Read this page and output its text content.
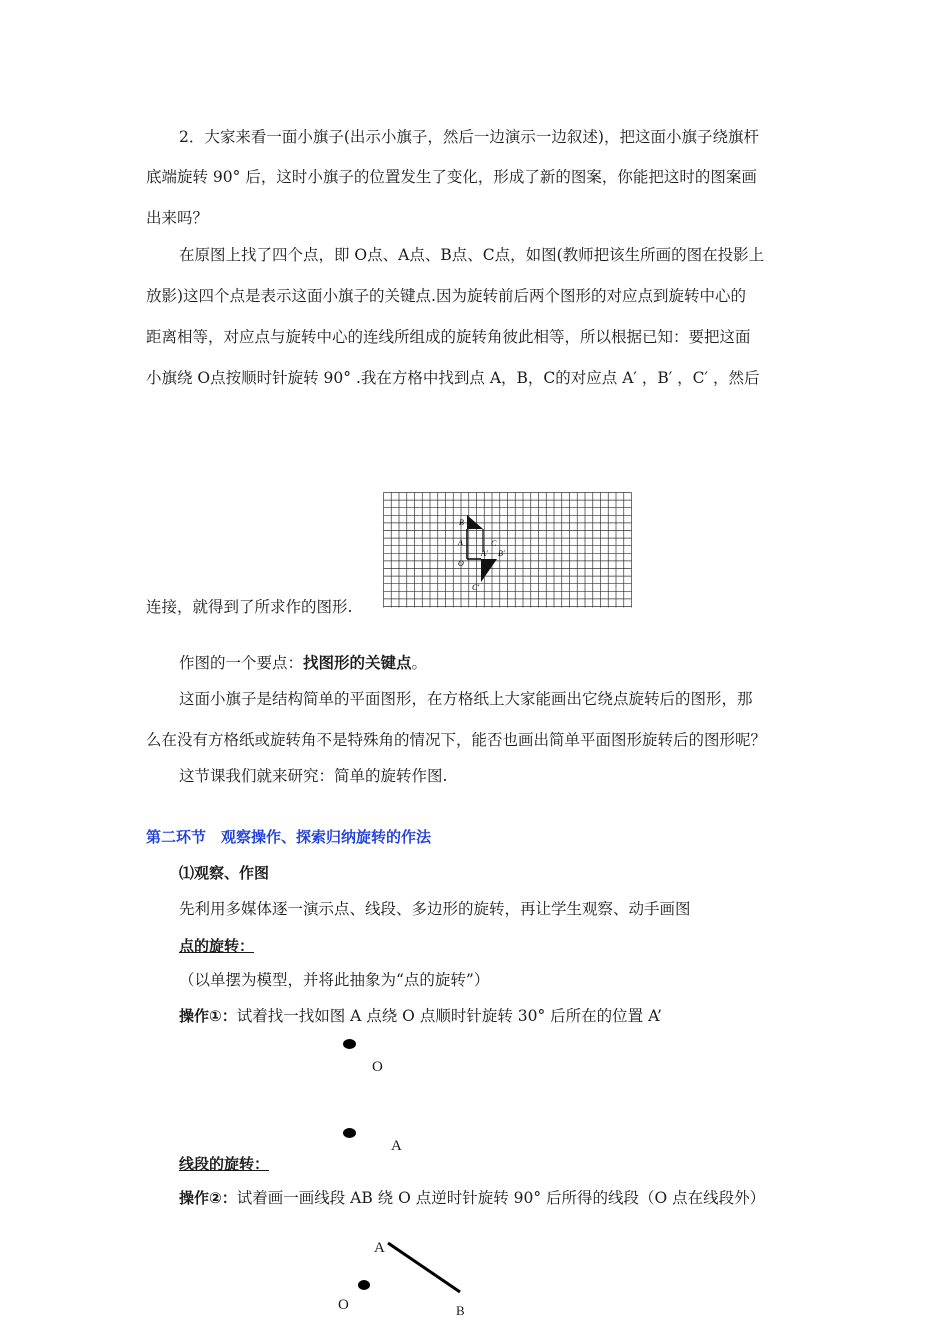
2．大家来看一面小旗子(出示小旗子，然后一边演示一边叙述)，把这面小旗子绕旗杆
底端旋转 90° 后，这时小旗子的位置发生了变化，形成了新的图案，你能把这时的图案画
出来吗？
在原图上找了四个点，即 O点、A点、B点、C点，如图(教师把该生所画的图在投影上
放影)这四个点是表示这面小旗子的关键点.因为旋转前后两个图形的对应点到旋转中心的
距离相等，对应点与旋转中心的连线所组成的旋转角彼此相等，所以根据已知：要把这面
小旗绕 O点按顺时针旋转 90° .我在方格中找到点 A，B，C的对应点 A′ ，B′ ，C′ ，然后
B
A	C
O
A′ B′
C′
连接，就得到了所求作的图形.
作图的一个要点：找图形的关键点。
这面小旗子是结构简单的平面图形，在方格纸上大家能画出它绕点旋转后的图形，那
么在没有方格纸或旋转角不是特殊角的情况下，能否也画出简单平面图形旋转后的图形呢？
这节课我们就来研究：简单的旋转作图.
第二环节　观察操作、探索归纳旋转的作法
⑴观察、作图
先利用多媒体逐一演示点、线段、多边形的旋转，再让学生观察、动手画图
点的旋转：
（以单摆为模型，并将此抽象为“点的旋转”）
操作①：试着找一找如图 A 点绕 O 点顺时针旋转 30° 后所在的位置 A’
O
A
线段的旋转：
操作②：试着画一画线段 AB 绕 O 点逆时针旋转 90° 后所得的线段（O 点在线段外）
A
B
O
